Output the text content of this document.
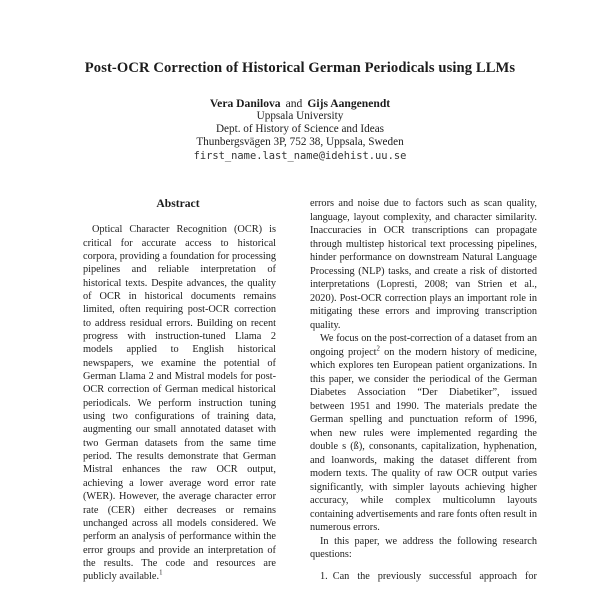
Post-OCR Correction of Historical German Periodicals using LLMs
Vera Danilova and Gijs Aangenendt
Uppsala University
Dept. of History of Science and Ideas
Thunbergsvägen 3P, 752 38, Uppsala, Sweden
first_name.last_name@idehist.uu.se
Abstract

Optical Character Recognition (OCR) is critical for accurate access to historical corpora, providing a foundation for processing pipelines and reliable interpretation of historical texts. Despite advances, the quality of OCR in historical documents remains limited, often requiring post-OCR correction to address residual errors. Building on recent progress with instruction-tuned Llama 2 models applied to English historical newspapers, we examine the potential of German Llama 2 and Mistral models for post-OCR correction of German medical historical periodicals. We perform instruction tuning using two configurations of training data, augmenting our small annotated dataset with two German datasets from the same time period. The results demonstrate that German Mistral enhances the raw OCR output, achieving a lower average word error rate (WER). However, the average character error rate (CER) either decreases or remains unchanged across all models considered. We perform an analysis of performance within the error groups and provide an interpretation of the results. The code and resources are publicly available.$^1$

errors and noise due to factors such as scan quality, language, layout complexity, and character similarity. Inaccuracies in OCR transcriptions can propagate through multistep historical text processing pipelines, hinder performance on downstream Natural Language Processing (NLP) tasks, and create a risk of distorted interpretations (Lopresti, 2008; van Strien et al., 2020). Post-OCR correction plays an important role in mitigating these errors and improving transcription quality.

We focus on the post-correction of a dataset from an ongoing project$^2$ on the modern history of medicine, which explores ten European patient organizations. In this paper, we consider the periodical of the German Diabetes Association “Der Diabetiker”, issued between 1951 and 1990. The materials predate the German spelling and punctuation reform of 1996, when new rules were implemented regarding the double s (ß), consonants, capitalization, hyphenation, and loanwords, making the dataset different from modern texts. The quality of raw OCR output varies significantly, with simpler layouts achieving higher accuracy, while complex multicolumn layouts containing advertisements and rare fonts often result in numerous errors.

In this paper, we address the following research questions:

1. Can the previously successful approach for
